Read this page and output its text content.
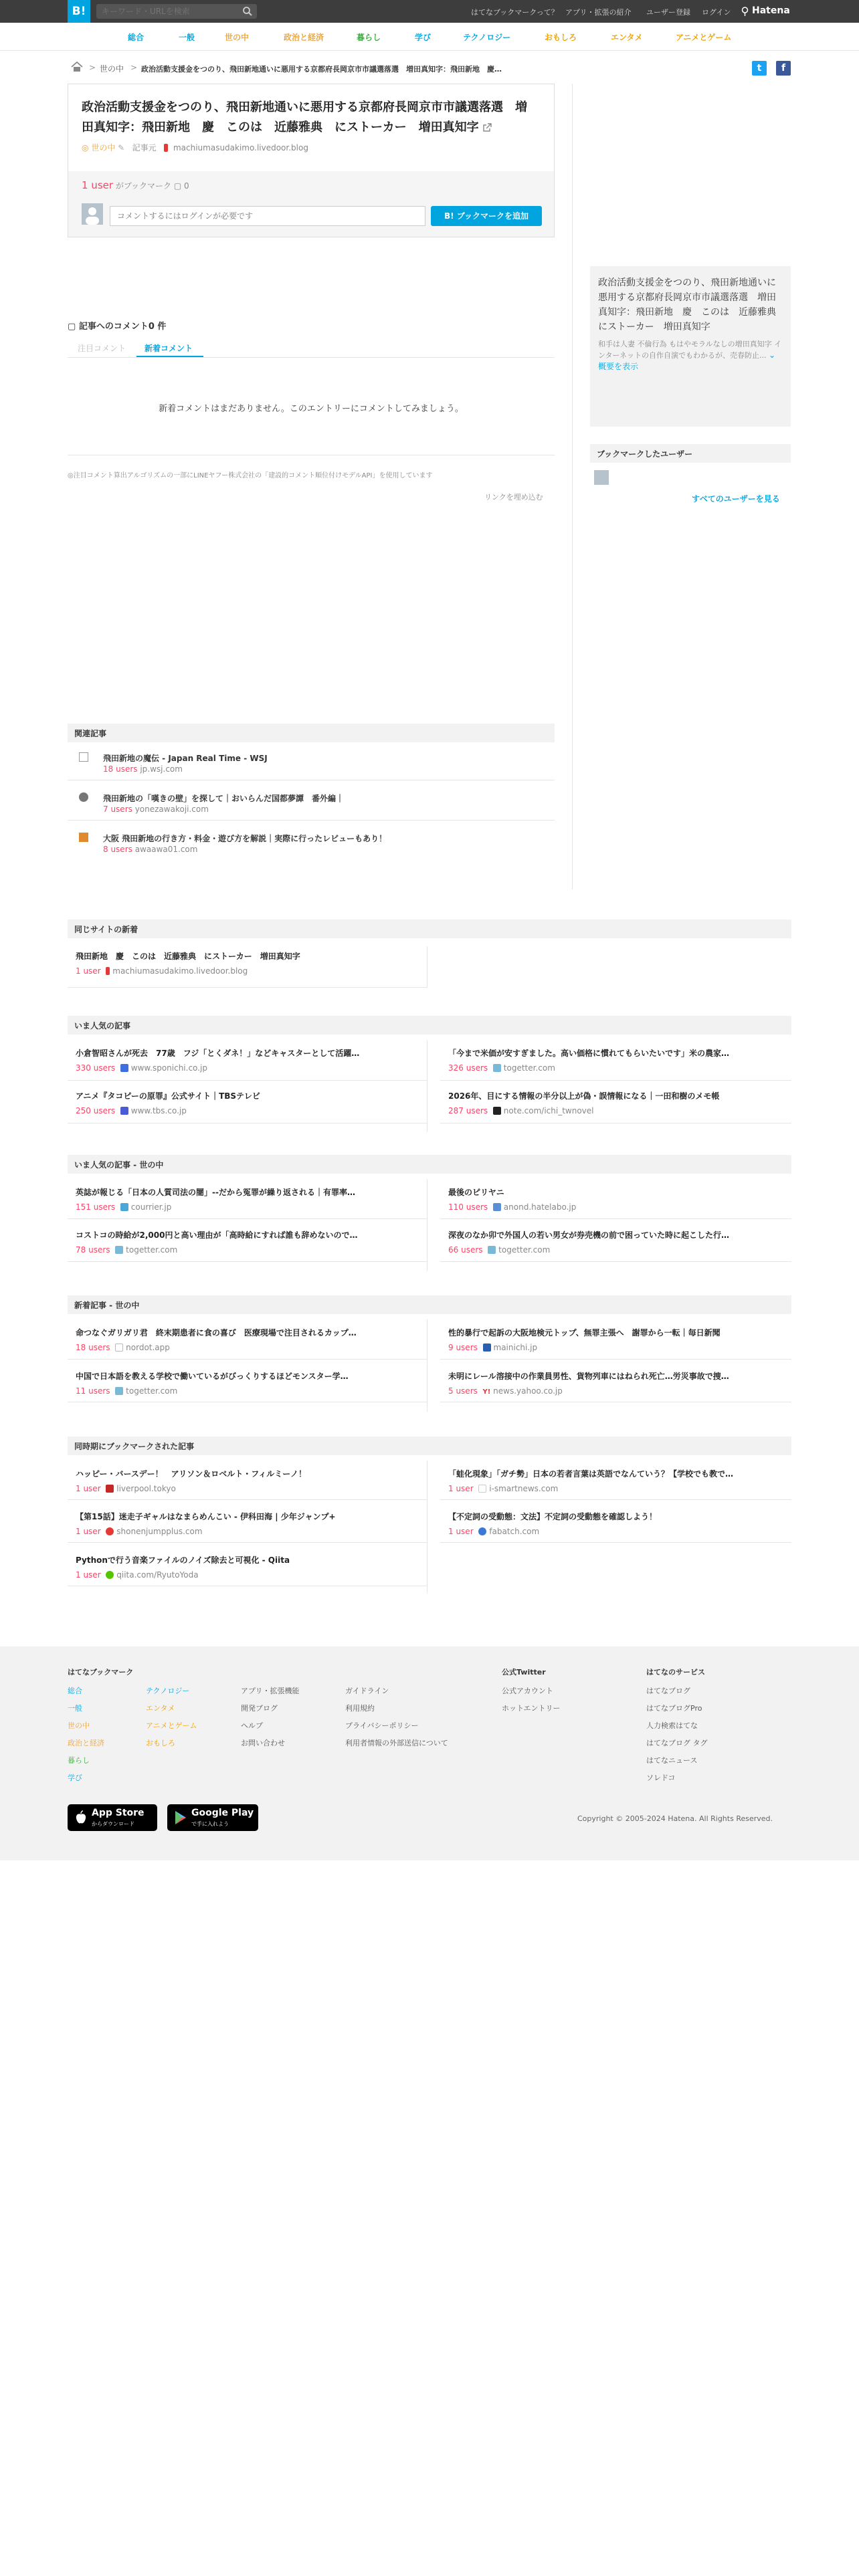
B!
キーワード・URLを検索	はてなブックマークって？ アプリ・拡張の紹介 ユーザー登録 ログイン Hatena
総合	一般	世の中	政治と経済	暮らし	学び	テクノロジー	おもしろ	エンタメ	アニメとゲーム
> 世の中 > 政治活動支援金をつのり、飛田新地通いに悪用する京都府長岡京市市議選落選　増田真知字：飛田新地　慶…	t	f
政治活動支援金をつのり、飛田新地通いに悪用する京都府長岡京市市議選落選　増田真知字：飛田新地　慶　このは　近藤雅典　にストーカー　増田真知字
◎ 世の中 ✎ 記事元 machiumasudakimo.livedoor.blog
1 user がブックマーク ▢ 0
コメントするにはログインが必要です
B! ブックマークを追加
政治活動支援金をつのり、飛田新地通いに悪用する京都府長岡京市市議選落選　増田真知字：飛田新地　慶　このは　近藤雅典　にストーカー　増田真知字
和手は人妻 不倫行為 もはやモラルなしの増田真知字 インターネットの自作自演でもわかるが、売春防止... ⌄ 概要を表示
ブックマークしたユーザー
すべてのユーザーを見る
▢ 記事へのコメント0 件
注目コメント 新着コメント
新着コメントはまだありません。このエントリーにコメントしてみましょう。
◎注目コメント算出アルゴリズムの一部にLINEヤフー株式会社の「建設的コメント順位付けモデルAPI」を使用しています
リンクを埋め込む
関連記事
飛田新地の魔伝 - Japan Real Time - WSJ
18 users jp.wsj.com
飛田新地の「嘆きの壁」を探して｜おいらんだ国都夢譚　番外編｜
7 users yonezawakoji.com
大阪 飛田新地の行き方・料金・遊び方を解説｜実際に行ったレビューもあり！
8 users awaawa01.com
同じサイトの新着
飛田新地　慶　このは　近藤雅典　にストーカー　増田真知字
1 user machiumasudakimo.livedoor.blog
いま人気の記事
小倉智昭さんが死去　77歳　フジ「とくダネ！」などキャスターとして活躍…
330 users www.sponichi.co.jp
「今まで米価が安すぎました。高い価格に慣れてもらいたいです」米の農家…
326 users togetter.com
アニメ『タコピーの原罪』公式サイト｜TBSテレビ
250 users www.tbs.co.jp
2026年、目にする情報の半分以上が偽・誤情報になる｜一田和樹のメモ帳
287 users note.com/ichi_twnovel
いま人気の記事 - 世の中
英誌が報じる「日本の人質司法の闇」--だから冤罪が繰り返される｜有罪率…
151 users courrier.jp
最後のピリヤニ
110 users anond.hatelabo.jp
コストコの時給が2,000円と高い理由が「高時給にすれば誰も辞めないので…
78 users togetter.com
深夜のなか卯で外国人の若い男女が券売機の前で困っていた時に起こした行…
66 users togetter.com
新着記事 - 世の中
命つなぐガリガリ君　終末期患者に食の喜び　医療現場で注目されるカップ…
18 users nordot.app
性的暴行で起訴の大阪地検元トップ、無罪主張へ　謝罪から一転｜毎日新聞
9 users mainichi.jp
中国で日本語を教える学校で働いているがびっくりするほどモンスター学…
11 users togetter.com
未明にレール溶接中の作業員男性、貨物列車にはねられ死亡…労災事故で捜…
5 users Y! news.yahoo.co.jp
同時期にブックマークされた記事
ハッピー・バースデー！　アリソン＆ロベルト・フィルミーノ！
1 user liverpool.tokyo
「蛙化現象」「ガチ勢」日本の若者言葉は英語でなんていう？【学校でも教で…
1 user i-smartnews.com
【第15話】迷走子ギャルはなまらめんこい - 伊科田海 | 少年ジャンプ+
1 user shonenjumpplus.com
【不定詞の受動態：文法】不定詞の受動態を確認しよう！
1 user fabatch.com
Pythonで行う音楽ファイルのノイズ除去と可視化 - Qiita
1 user qiita.com/RyutoYoda
はてなブックマーク
総合
一般
世の中
政治と経済
暮らし
学び
テクノロジー
エンタメ
アニメとゲーム
おもしろ
アプリ・拡張機能
開発ブログ
ヘルプ
お問い合わせ
ガイドライン
利用規約
プライバシーポリシー
利用者情報の外部送信について
公式Twitter
公式アカウント
ホットエントリー
はてなのサービス
はてなブログ
はてなブログPro
人力検索はてな
はてなブログ タグ
はてなニュース
ソレドコ
App Store
からダウンロード
Google Play
で手に入れよう
Copyright © 2005-2024 Hatena. All Rights Reserved.
